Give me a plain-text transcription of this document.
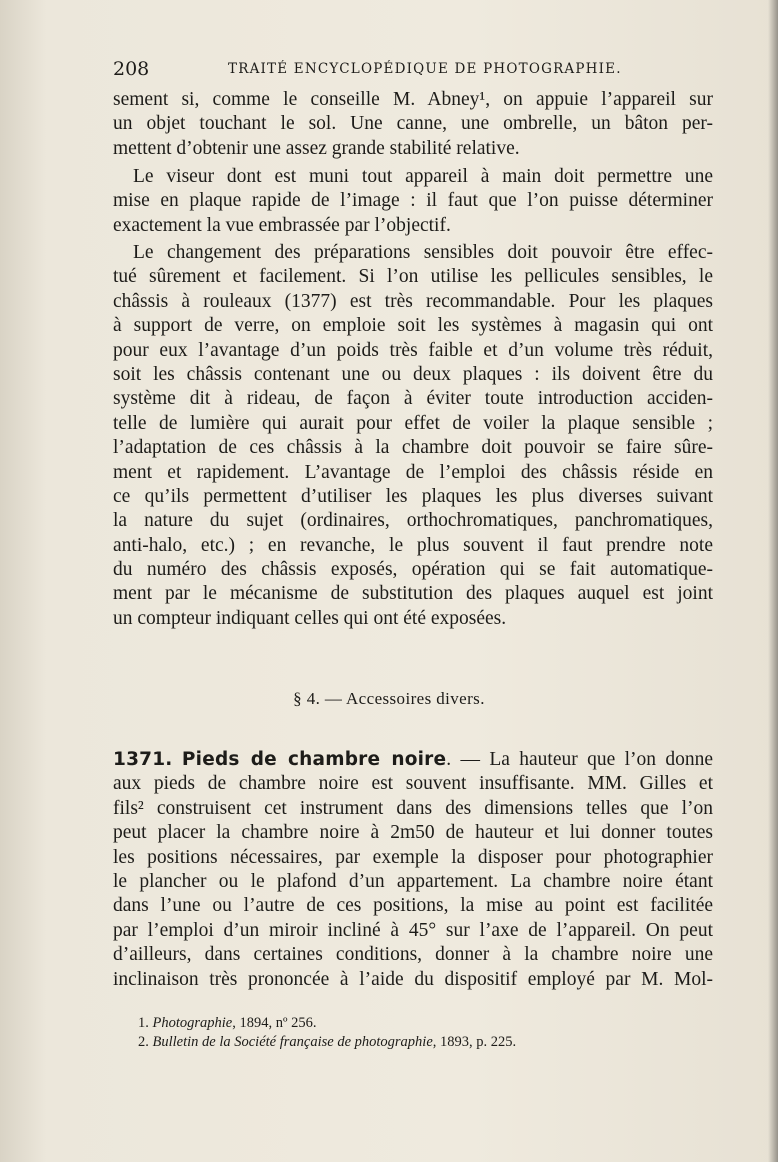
208	TRAITÉ ENCYCLOPÉDIQUE DE PHOTOGRAPHIE.
sement si, comme le conseille M. Abney¹, on appuie l’appareil sur
un objet touchant le sol. Une canne, une ombrelle, un bâton per-
mettent d’obtenir une assez grande stabilité relative.
Le viseur dont est muni tout appareil à main doit permettre une
mise en plaque rapide de l’image : il faut que l’on puisse déterminer
exactement la vue embrassée par l’objectif.
Le changement des préparations sensibles doit pouvoir être effec-
tué sûrement et facilement. Si l’on utilise les pellicules sensibles, le
châssis à rouleaux (1377) est très recommandable. Pour les plaques
à support de verre, on emploie soit les systèmes à magasin qui ont
pour eux l’avantage d’un poids très faible et d’un volume très réduit,
soit les châssis contenant une ou deux plaques : ils doivent être du
système dit à rideau, de façon à éviter toute introduction acciden-
telle de lumière qui aurait pour effet de voiler la plaque sensible ;
l’adaptation de ces châssis à la chambre doit pouvoir se faire sûre-
ment et rapidement. L’avantage de l’emploi des châssis réside en
ce qu’ils permettent d’utiliser les plaques les plus diverses suivant
la nature du sujet (ordinaires, orthochromatiques, panchromatiques,
anti-halo, etc.) ; en revanche, le plus souvent il faut prendre note
du numéro des châssis exposés, opération qui se fait automatique-
ment par le mécanisme de substitution des plaques auquel est joint
un compteur indiquant celles qui ont été exposées.
§ 4. — Accessoires divers.
1371. Pieds de chambre noire. — La hauteur que l’on donne
aux pieds de chambre noire est souvent insuffisante. MM. Gilles et
fils² construisent cet instrument dans des dimensions telles que l’on
peut placer la chambre noire à 2m50 de hauteur et lui donner toutes
les positions nécessaires, par exemple la disposer pour photographier
le plancher ou le plafond d’un appartement. La chambre noire étant
dans l’une ou l’autre de ces positions, la mise au point est facilitée
par l’emploi d’un miroir incliné à 45° sur l’axe de l’appareil. On peut
d’ailleurs, dans certaines conditions, donner à la chambre noire une
inclinaison très prononcée à l’aide du dispositif employé par M. Mol-
1. Photographie, 1894, nº 256.
2. Bulletin de la Société française de photographie, 1893, p. 225.
